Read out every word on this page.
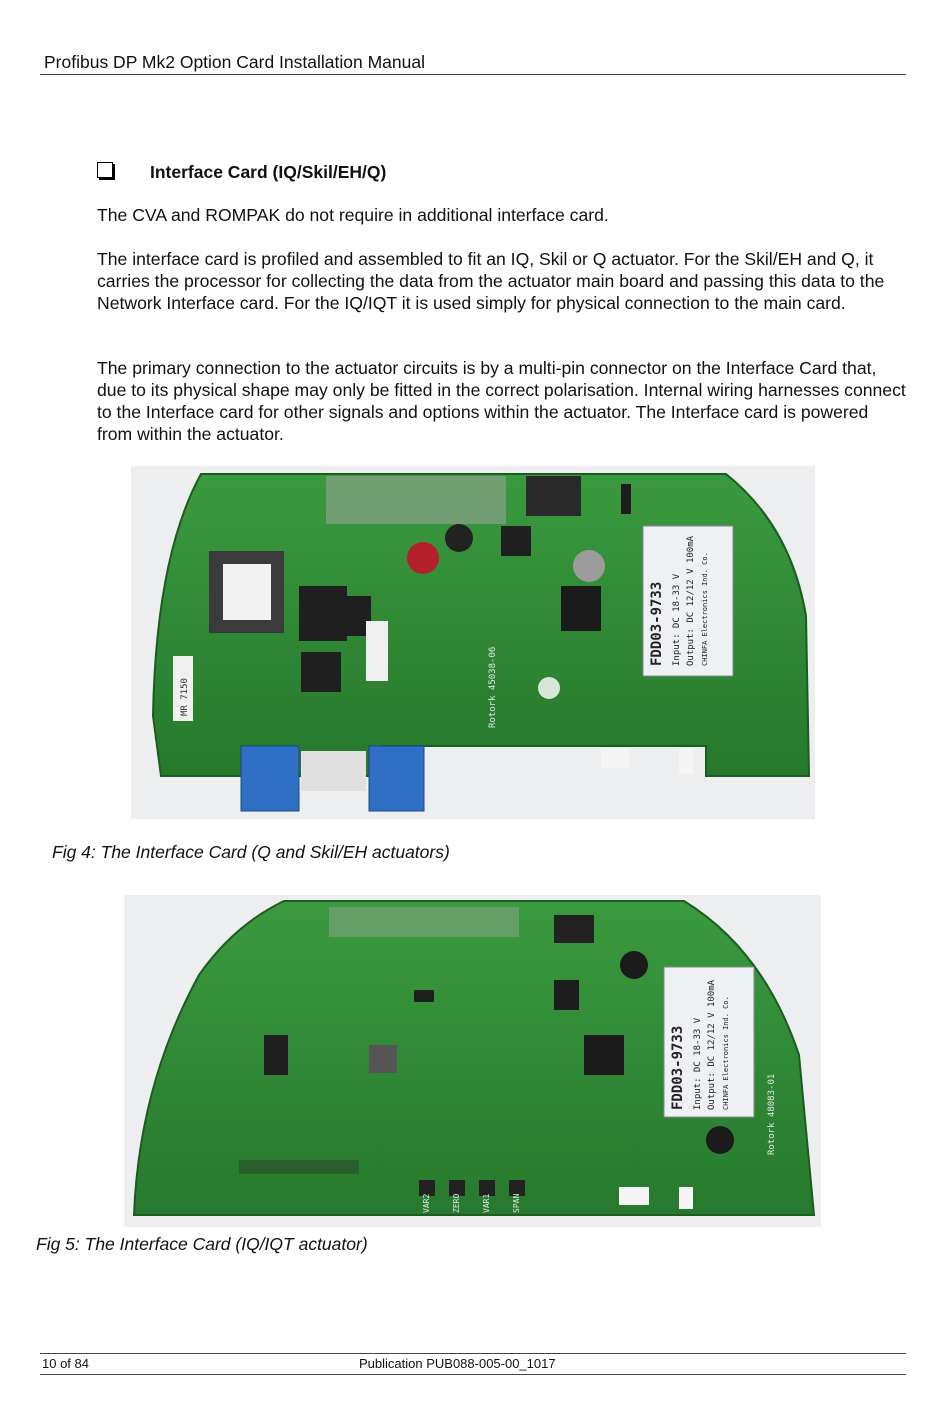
Profibus DP Mk2 Option Card Installation Manual
Interface Card (IQ/Skil/EH/Q)

The CVA and ROMPAK do not require in additional interface card.

The interface card is profiled and assembled to fit an IQ, Skil or Q actuator. For the Skil/EH and Q, it carries the processor for collecting the data from the actuator main board and passing this data to the Network Interface card. For the IQ/IQT it is used simply for physical connection to the main card.

The primary connection to the actuator circuits is by a multi-pin connector on the Interface Card that, due to its physical shape may only be fitted in the correct polarisation. Internal wiring harnesses connect to the Interface card for other signals and options within the actuator. The Interface card is powered from within the actuator.

FDD03-9733 Input: DC 18-33 V Output: DC 12/12 V 100mA CHINFA Electronics Ind. Co.
MR 7150	Rotork 45038-06
Fig 4: The Interface Card (Q and Skil/EH actuators)
FDD03-9733 Input: DC 18-33 V Output: DC 12/12 V 100mA CHINFA Electronics Ind. Co.
Rotork 48083-01
VAR2	ZERO	VAR1	SPAN
Fig 5: The Interface Card (IQ/IQT actuator)
10 of 84	Publication PUB088-005-00_1017
